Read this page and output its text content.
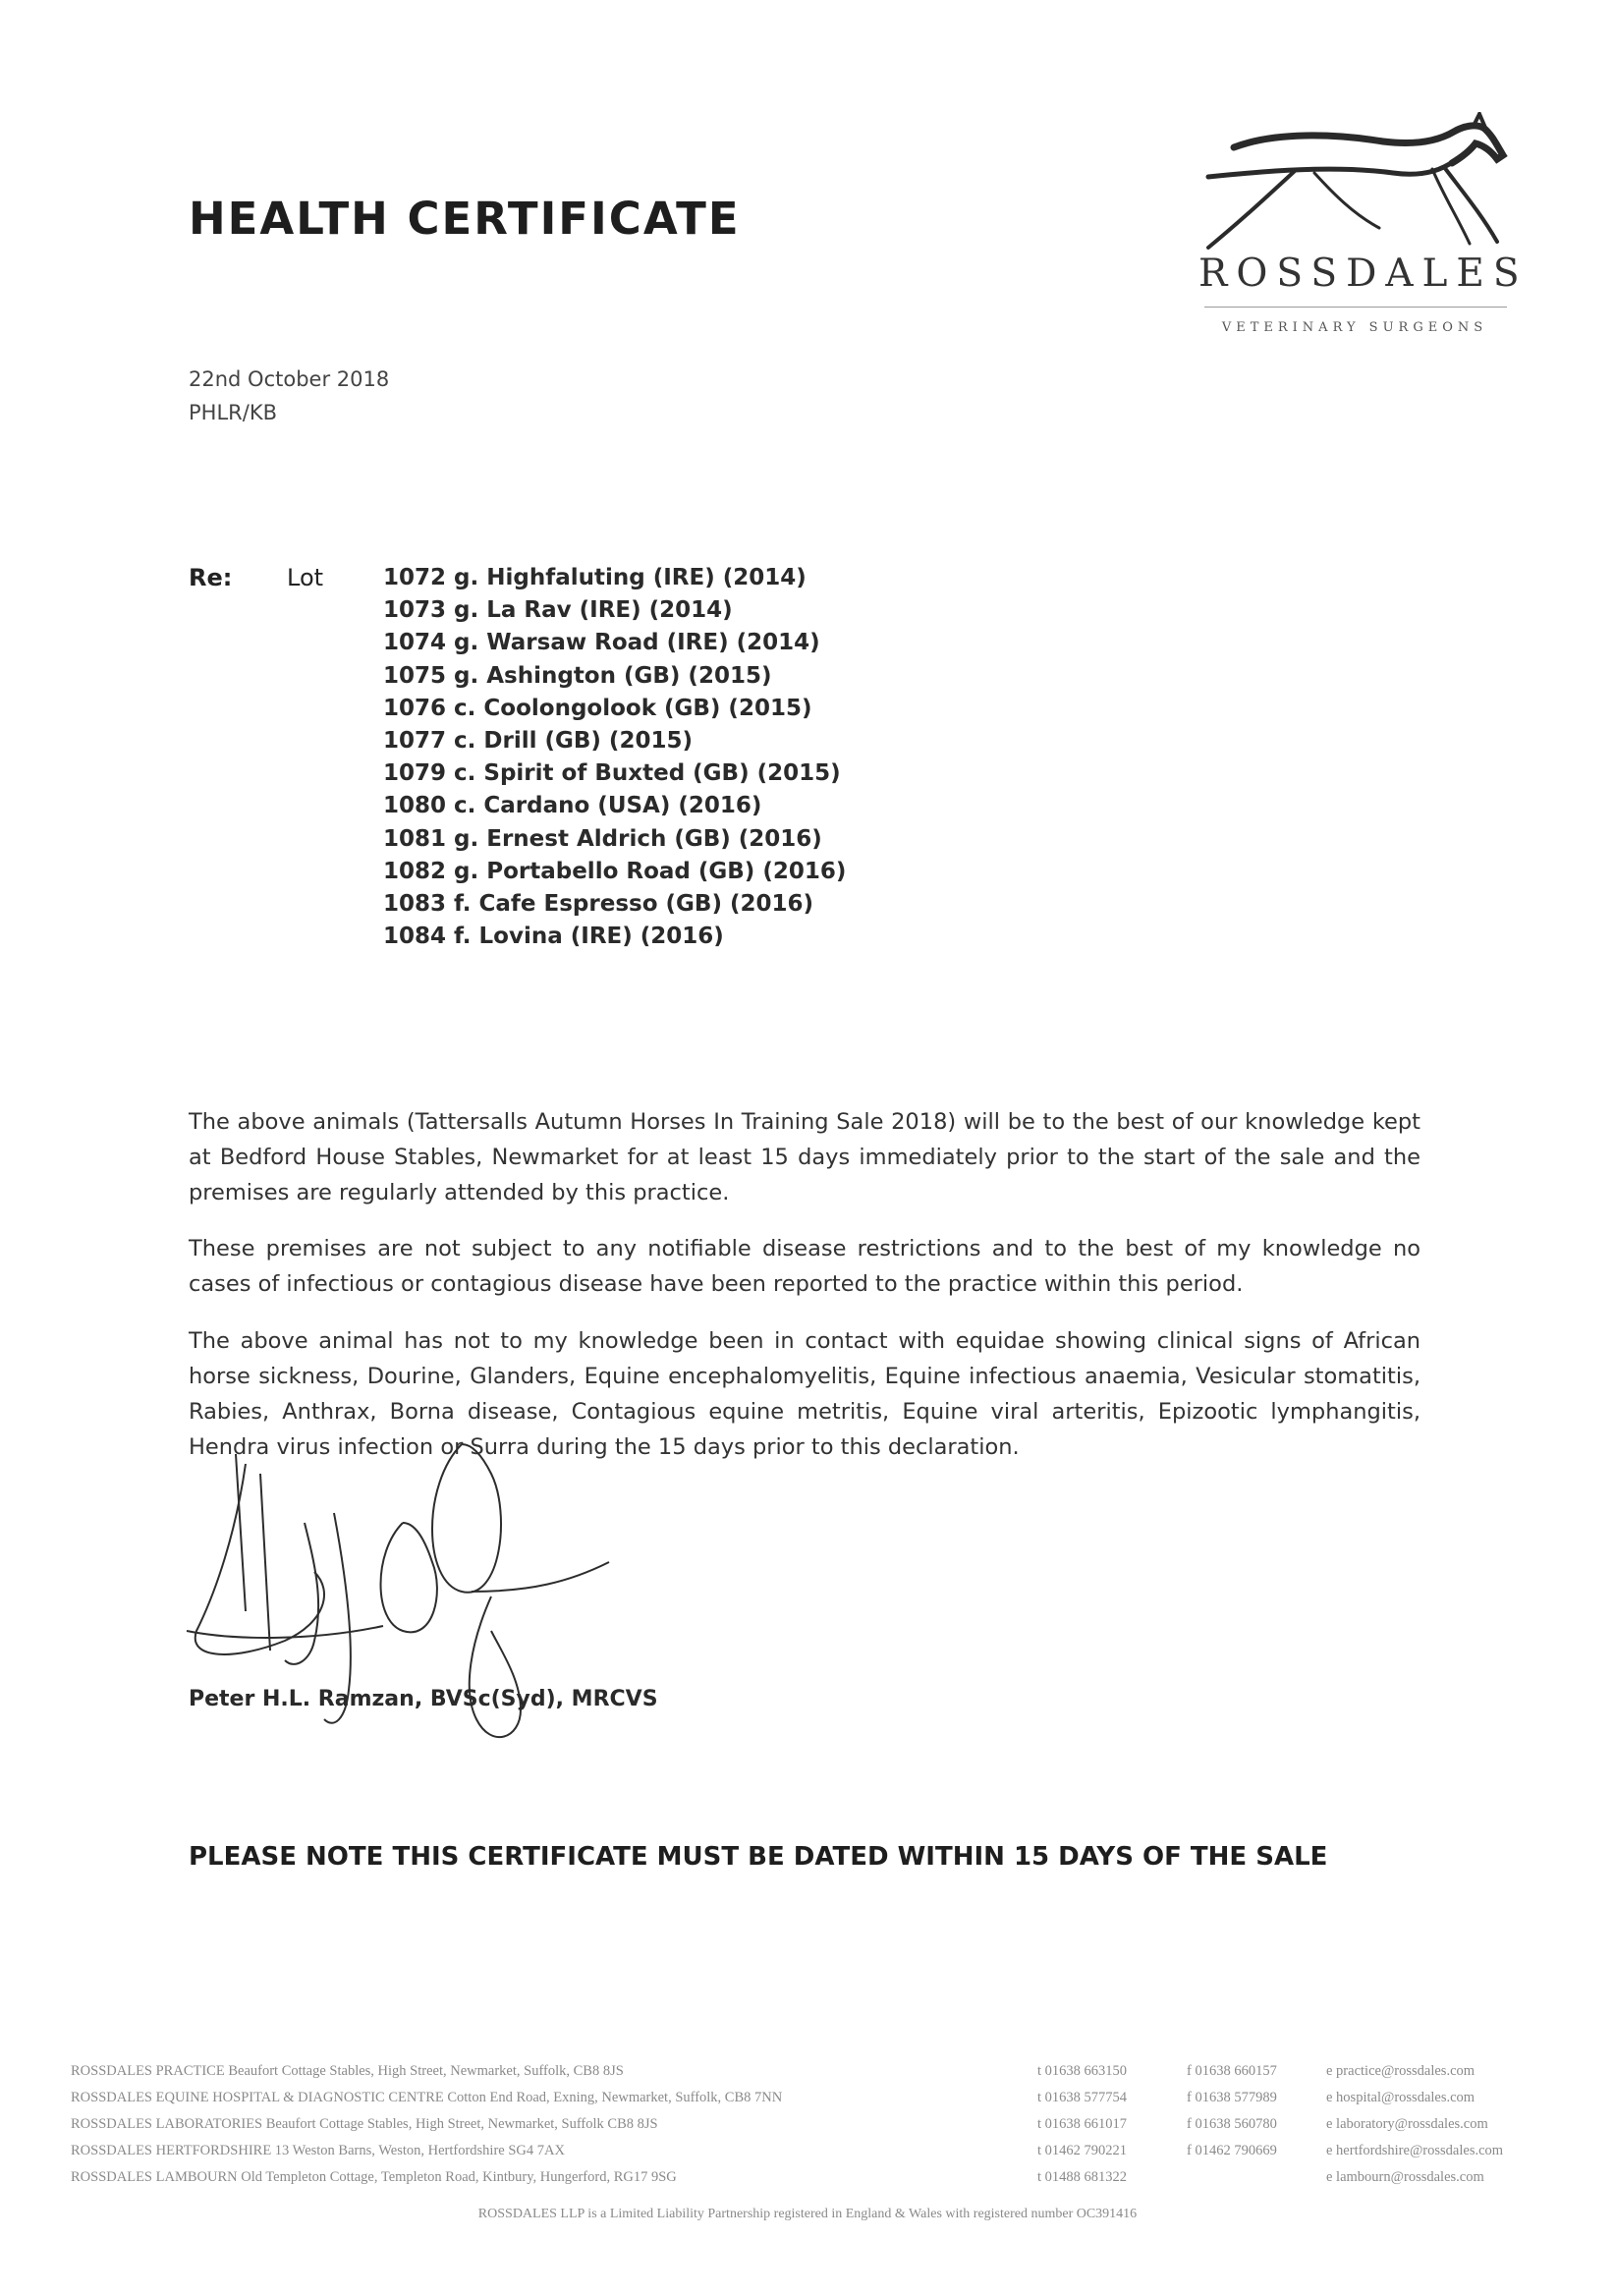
HEALTH CERTIFICATE
ROSSDALES
VETERINARY SURGEONS
22nd October 2018
PHLR/KB
Re: Lot	1072 g. Highfaluting (IRE) (2014)
1073 g. La Rav (IRE) (2014)
1074 g. Warsaw Road (IRE) (2014)
1075 g. Ashington (GB) (2015)
1076 c. Coolongolook (GB) (2015)
1077 c. Drill (GB) (2015)
1079 c. Spirit of Buxted (GB) (2015)
1080 c. Cardano (USA) (2016)
1081 g. Ernest Aldrich (GB) (2016)
1082 g. Portabello Road (GB) (2016)
1083 f. Cafe Espresso (GB) (2016)
1084 f. Lovina (IRE) (2016)

The above animals (Tattersalls Autumn Horses In Training Sale 2018) will be to the best of our knowledge kept at Bedford House Stables, Newmarket for at least 15 days immediately prior to the start of the sale and the premises are regularly attended by this practice.

These premises are not subject to any notifiable disease restrictions and to the best of my knowledge no cases of infectious or contagious disease have been reported to the practice within this period.

The above animal has not to my knowledge been in contact with equidae showing clinical signs of African horse sickness, Dourine, Glanders, Equine encephalomyelitis, Equine infectious anaemia, Vesicular stomatitis, Rabies, Anthrax, Borna disease, Contagious equine metritis, Equine viral arteritis, Epizootic lymphangitis, Hendra virus infection or Surra during the 15 days prior to this declaration.

Peter H.L. Ramzan, BVSc(Syd), MRCVS
PLEASE NOTE THIS CERTIFICATE MUST BE DATED WITHIN 15 DAYS OF THE SALE
ROSSDALES PRACTICE Beaufort Cottage Stables, High Street, Newmarket, Suffolk, CB8 8JS	t 01638 663150	f 01638 660157	e practice@rossdales.com
ROSSDALES EQUINE HOSPITAL & DIAGNOSTIC CENTRE Cotton End Road, Exning, Newmarket, Suffolk, CB8 7NN	t 01638 577754	f 01638 577989	e hospital@rossdales.com
ROSSDALES LABORATORIES Beaufort Cottage Stables, High Street, Newmarket, Suffolk CB8 8JS	t 01638 661017	f 01638 560780	e laboratory@rossdales.com
ROSSDALES HERTFORDSHIRE 13 Weston Barns, Weston, Hertfordshire SG4 7AX	t 01462 790221	f 01462 790669	e hertfordshire@rossdales.com
ROSSDALES LAMBOURN Old Templeton Cottage, Templeton Road, Kintbury, Hungerford, RG17 9SG	t 01488 681322	e lambourn@rossdales.com
ROSSDALES LLP is a Limited Liability Partnership registered in England & Wales with registered number OC391416
